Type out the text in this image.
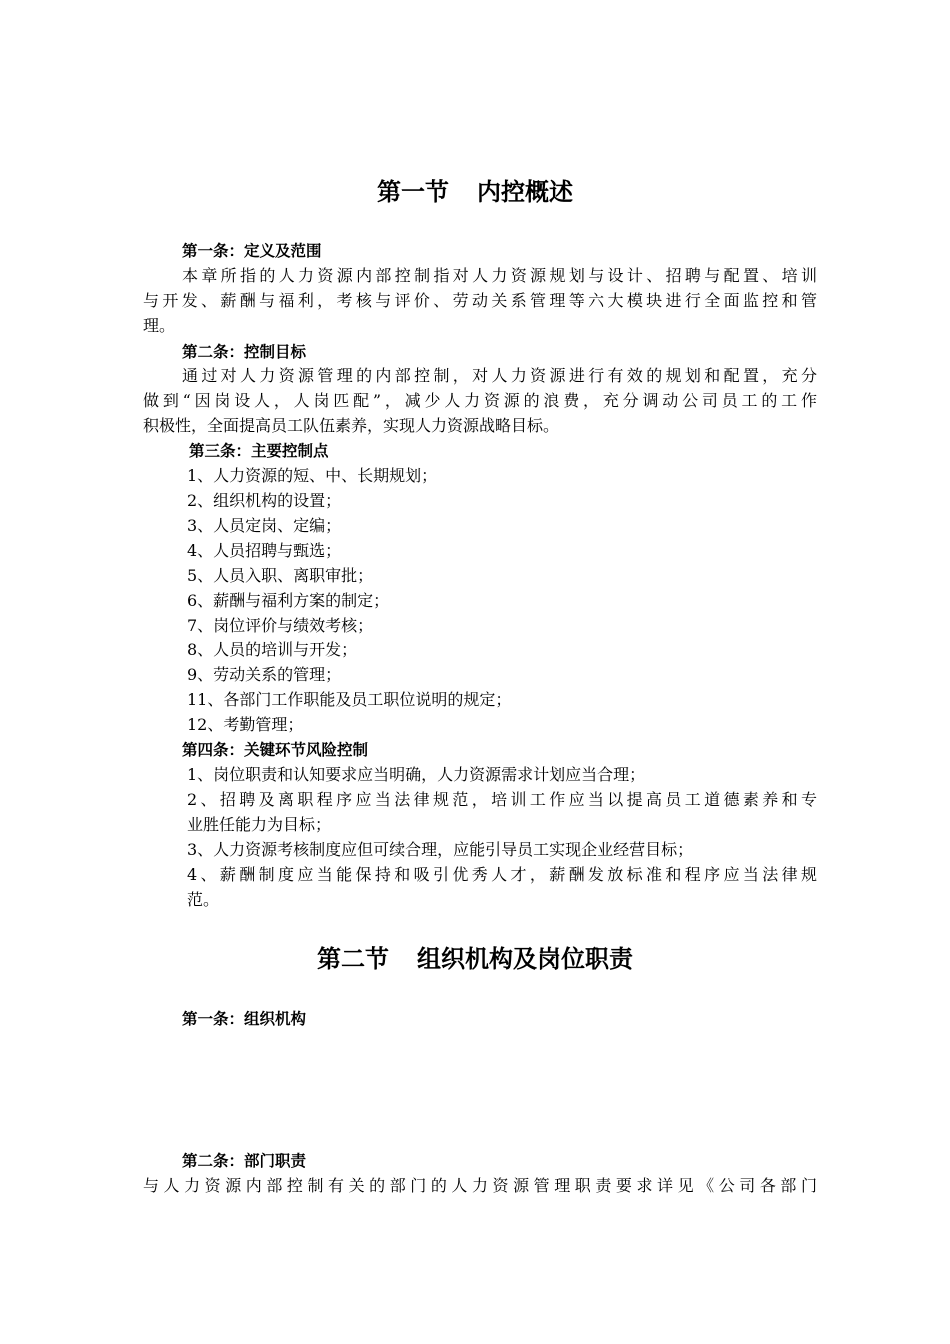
第一节 内控概述
第一条：定义及范围
本章所指的人力资源内部控制指对人力资源规划与设计、招聘与配置、培训
与开发、薪酬与福利，考核与评价、劳动关系管理等六大模块进行全面监控和管
理。
第二条：控制目标
通过对人力资源管理的内部控制，对人力资源进行有效的规划和配置，充分
做到“因岗设人，人岗匹配”，减少人力资源的浪费，充分调动公司员工的工作
积极性，全面提高员工队伍素养，实现人力资源战略目标。
第三条：主要控制点
1、人力资源的短、中、长期规划；
2、组织机构的设置；
3、人员定岗、定编；
4、人员招聘与甄选；
5、人员入职、离职审批；
6、薪酬与福利方案的制定；
7、岗位评价与绩效考核；
8、人员的培训与开发；
9、劳动关系的管理；
11、各部门工作职能及员工职位说明的规定；
12、考勤管理；
第四条：关键环节风险控制
1、岗位职责和认知要求应当明确，人力资源需求计划应当合理；
2、招聘及离职程序应当法律规范，培训工作应当以提高员工道德素养和专
业胜任能力为目标；
3、人力资源考核制度应但可续合理，应能引导员工实现企业经营目标；
4、薪酬制度应当能保持和吸引优秀人才，薪酬发放标准和程序应当法律规
范。
第二节 组织机构及岗位职责
第一条：组织机构
第二条：部门职责
与人力资源内部控制有关的部门的人力资源管理职责要求详见《公司各部门
